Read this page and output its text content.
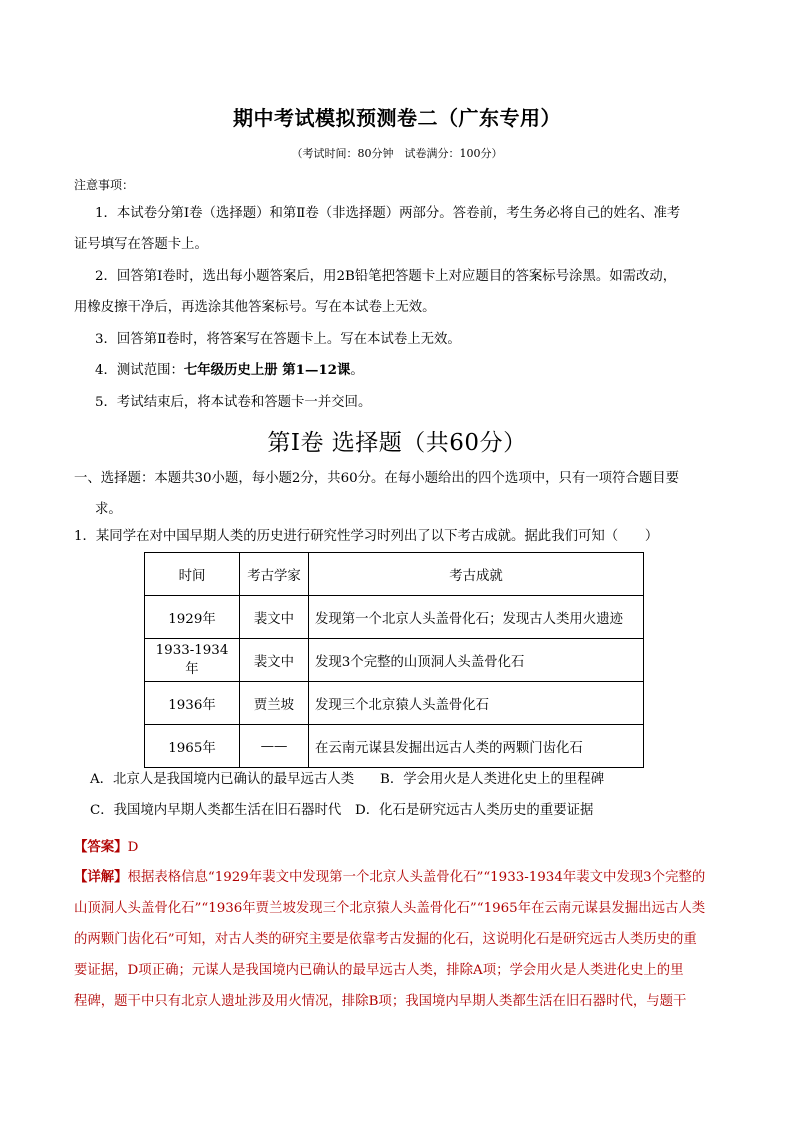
期中考试模拟预测卷二（广东专用）
（考试时间：80分钟　试卷满分：100分）
注意事项：
1．本试卷分第Ⅰ卷（选择题）和第Ⅱ卷（非选择题）两部分。答卷前，考生务必将自己的姓名、准考
证号填写在答题卡上。
2．回答第Ⅰ卷时，选出每小题答案后，用2B铅笔把答题卡上对应题目的答案标号涂黑。如需改动，
用橡皮擦干净后，再选涂其他答案标号。写在本试卷上无效。
3．回答第Ⅱ卷时，将答案写在答题卡上。写在本试卷上无效。
4．测试范围：七年级历史上册 第1—12课。
5．考试结束后，将本试卷和答题卡一并交回。
第Ⅰ卷 选择题（共60分）
一、选择题：本题共30小题，每小题2分，共60分。在每小题给出的四个选项中，只有一项符合题目要
求。
1．某同学在对中国早期人类的历史进行研究性学习时列出了以下考古成就。据此我们可知（　　）
时间	考古学家	考古成就
1929年	裴文中	发现第一个北京人头盖骨化石；发现古人类用火遗迹
1933-1934年	裴文中	发现3个完整的山顶洞人头盖骨化石
1936年	贾兰坡	发现三个北京猿人头盖骨化石
1965年	——	在云南元谋县发掘出远古人类的两颗门齿化石
A．北京人是我国境内已确认的最早远古人类 B．学会用火是人类进化史上的里程碑
C．我国境内早期人类都生活在旧石器时代 D．化石是研究远古人类历史的重要证据
【答案】D
【详解】根据表格信息“1929年裴文中发现第一个北京人头盖骨化石”“1933-1934年裴文中发现3个完整的
山顶洞人头盖骨化石”“1936年贾兰坡发现三个北京猿人头盖骨化石”“1965年在云南元谋县发掘出远古人类
的两颗门齿化石”可知，对古人类的研究主要是依靠考古发掘的化石，这说明化石是研究远古人类历史的重
要证据，D项正确；元谋人是我国境内已确认的最早远古人类，排除A项；学会用火是人类进化史上的里
程碑，题干中只有北京人遗址涉及用火情况，排除B项；我国境内早期人类都生活在旧石器时代，与题干
